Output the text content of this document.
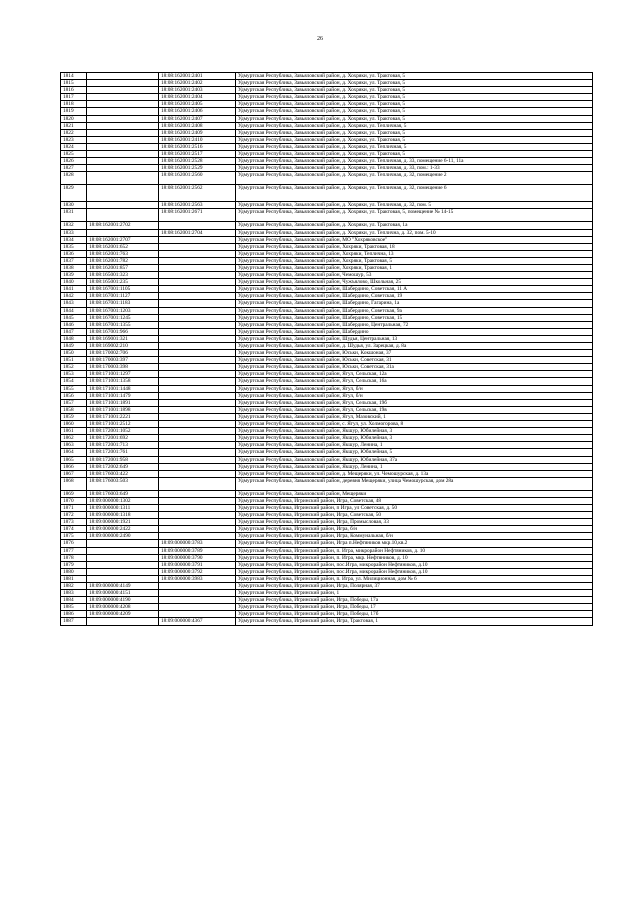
26
1814		18:08:162001:2401	Удмуртская Республика, Завьяловский район, д. Хохряки, ул. Трактовая, 5
1815		18:08:162001:2402	Удмуртская Республика, Завьяловский район, д. Хохряки, ул. Трактовая, 5
1816		18:08:162001:2403	Удмуртская Республика, Завьяловский район, д. Хохряки, ул. Трактовая, 5
1817		18:08:162001:2404	Удмуртская Республика, Завьяловский район, д. Хохряки, ул. Трактовая, 5
1818		18:08:162001:2405	Удмуртская Республика, Завьяловский район, д. Хохряки, ул. Трактовая, 5
1819		18:08:162001:2406	Удмуртская Республика, Завьяловский район, д. Хохряки, ул. Трактовая, 5
1820		18:08:162001:2407	Удмуртская Республика, Завьяловский район, д. Хохряки, ул. Трактовая, 5
1821		18:08:162001:2408	Удмуртская Республика, Завьяловский район, д. Хохряки, ул. Тепличная, 5
1822		18:08:162001:2409	Удмуртская Республика, Завьяловский район, д. Хохряки, ул. Трактовая, 5
1823		18:08:162001:2410	Удмуртская Республика, Завьяловский район, д. Хохряки, ул. Трактовая, 5
1824		18:08:162001:2516	Удмуртская Республика, Завьяловский район, д. Хохряки, ул. Тепличная, 5
1825		18:08:162001:2517	Удмуртская Республика, Завьяловский район, д. Хохряки, ул. Трактовая, 5
1826		18:08:162001:2528	Удмуртская Республика, Завьяловский район, д. Хохряки, ул. Тепличная, д. 33, помещение 6-11, 11а
1827		18:08:162001:2529	Удмуртская Республика, Завьяловский район, д. Хохряки, ул. Тепличная, д. 33, пом.: 1-33
1828		18:08:162001:2560	Удмуртская Республика, Завьяловский район, д. Хохряки, ул. Тепличная, д. 32, помещение 2
1829		18:08:162001:2562	Удмуртская Республика, Завьяловский район, д. Хохряки, ул. Тепличная, д. 32, помещение 6
1830		18:08:162001:2563	Удмуртская Республика, Завьяловский район, д. Хохряки, ул. Тепличная, д. 32, пом. 5
1831		18:08:162001:2671	Удмуртская Республика, Завьяловский район, д. Хохряки, ул. Трактовая, 5, помещение № 14-15
1832	18:08:162001:2702		Удмуртская Республика, Завьяловский район, д. Хохряки, ул. Трактовая, 1а
1833		18:08:162001:2704	Удмуртская Республика, Завьяловский район, д. Хохряки, ул. Теплична, д. 32, пом. 5-10
1834	18:08:162001:2707		Удмуртская Республика, Завьяловский район, МО "Хохряковское"
1835	18:08:162001:652		Удмуртская Республика, Завьяловский район, Хохряки, Трактовая, 18
1836	18:08:162001:763		Удмуртская Республика, Завьяловский район, Хохряки, Теплична, 13
1837	18:08:162001:782		Удмуртская Республика, Завьяловский район, Хохряки, Трактовая, 5
1838	18:08:162001:857		Удмуртская Республика, Завьяловский район, Хохряки, Трактовая, 1
1839	18:08:165001:323		Удмуртская Республика, Завьяловский район, Чемошур, 53
1840	18:08:165001:235		Удмуртская Республика, Завьяловский район, Чужъялово, Школьная, 25
1841	18:08:167001:1105		Удмуртская Республика, Завьяловский район, Шабердино, Советская, 11 А
1842	18:08:167001:1127		Удмуртская Республика, Завьяловский район, Шабердино, Советская, 19
1843	18:08:167001:1183		Удмуртская Республика, Завьяловский район, Шабердино, Гагарина, 1а
1844	18:08:167001:1203		Удмуртская Республика, Завьяловский район, Шабердино, Советская, 9а
1845	18:08:167001:1245		Удмуртская Республика, Завьяловский район, Шабердино, Советская, 15
1846	18:08:167001:1355		Удмуртская Республика, Завьяловский район, Шабердино, Центральная, 72
1847	18:08:167001:966		Удмуртская Республика, Завьяловский район, Шабердино
1848	18:08:169001:321		Удмуртская Республика, Завьяловский район, Шудья, Центральная, 13
1849	18:08:169002:210		Удмуртская Республика, Завьяловский район, д. Шудья, ул. Зарецкая, д. 8а
1850	18:08:170002:706		Удмуртская Республика, Завьяловский район, Юськи, Кокшоная, 37
1851	18:08:170003:397		Удмуртская Республика, Завьяловский район, Юськи, Советская, 31
1852	18:08:170003:398		Удмуртская Республика, Завьяловский район, Юськи, Советская, 31а
1853	18:08:171001:1297		Удмуртская Республика, Завьяловский район, Ягул, Сельская, 12а
1854	18:08:171001:1358		Удмуртская Республика, Завьяловский район, Ягул, Сельская, 16а
1855	18:08:171001:1448		Удмуртская Республика, Завьяловский район, Ягул, б/н
1856	18:08:171001:1479		Удмуртская Республика, Завьяловский район, Ягул, б/н
1857	18:08:171001:1891		Удмуртская Республика, Завьяловский район, Ягул, Сельская, 19б
1858	18:08:171001:1898		Удмуртская Республика, Завьяловский район, Ягул, Сельская, 19в
1859	18:08:171001:2221		Удмуртская Республика, Завьяловский район, Ягул, Мазовский, 1
1860	18:08:171001:2512		Удмуртская Республика, Завьяловский район, с. Ягул, ул. Холмогорова, 8
1861	18:08:172001:1052		Удмуртская Республика, Завьяловский район, Якшур, Юбилейная, 3
1862	18:08:172001:692		Удмуртская Республика, Завьяловский район, Якшур, Юбилейная, 3
1863	18:08:172001:713		Удмуртская Республика, Завьяловский район, Якшур, Ленина, 1
1864	18:08:172001:761		Удмуртская Республика, Завьяловский район, Якшур, Юбилейная, 5
1865	18:08:172001:958		Удмуртская Республика, Завьяловский район, Якшур, Юбилейная, 37а
1866	18:08:172002:649		Удмуртская Республика, Завьяловский район, Якшур, Ленина, 1
1867	18:08:176003:422		Удмуртская Республика, Завьяловский район, д. Мещеряки, ул. Чемошурская, д. 13а
1868	18:08:176003:503		Удмуртская Республика, Завьяловский район, деревня Мещеряки, улица Чемошурская, дом 28а
1869	18:08:176003:649		Удмуртская Республика, Завьяловский район, Мещеряки
1870	18:09:000000:1302		Удмуртская Республика, Игринский район, Игра, Советская, 48
1871	18:09:000000:1311		Удмуртская Республика, Игринский район, п Игра, ул Советская, д. 50
1872	18:09:000000:1318		Удмуртская Республика, Игринский район, Игра, Советская, 50
1873	18:09:000000:1921		Удмуртская Республика, Игринский район, Игра, Промысловая, 33
1874	18:09:000000:2422		Удмуртская Республика, Игринский район, Игра, б/н
1875	18:09:000000:2490		Удмуртская Республика, Игринский район, Игра, Коммунальная, б/н
1876		18:09:000000:3783	Удмуртская Республика, Игринский район, Игра п.Нефтяников мкр.10,кв.2
1877		18:09:000000:3789	Удмуртская Республика, Игринский район, п. Игра, микрорайон Нефтяников, д. 10
1878		18:09:000000:3790	Удмуртская Республика, Игринский район, п. Игра, мкр. Нефтяников, д. 10
1879		18:09:000000:3791	Удмуртская Республика, Игринский район, пос.Игра, микрорайон Нефтяников, д.10
1880		18:09:000000:3792	Удмуртская Республика, Игринский район, пос.Игра, микрорайон Нефтяников, д.10
1881		18:09:000000:3983	Удмуртская Республика, Игринский район, п. Игра, ул. Милиционная, дом № 6
1882	18:09:000000:4149		Удмуртская Республика, Игринский район, Игра, Полярная, 37
1883	18:09:000000:4151		Удмуртская Республика, Игринский район, 1
1884	18:09:000000:4190		Удмуртская Республика, Игринский район, Игра, Победы, 17а
1885	18:09:000000:4208		Удмуртская Республика, Игринский район, Игра, Победы, 17
1886	18:09:000000:4209		Удмуртская Республика, Игринский район, Игра, Победы, 17б
1887		18:09:000000:4367	Удмуртская Республика, Игринский район, Игра, Трактовая, 1
